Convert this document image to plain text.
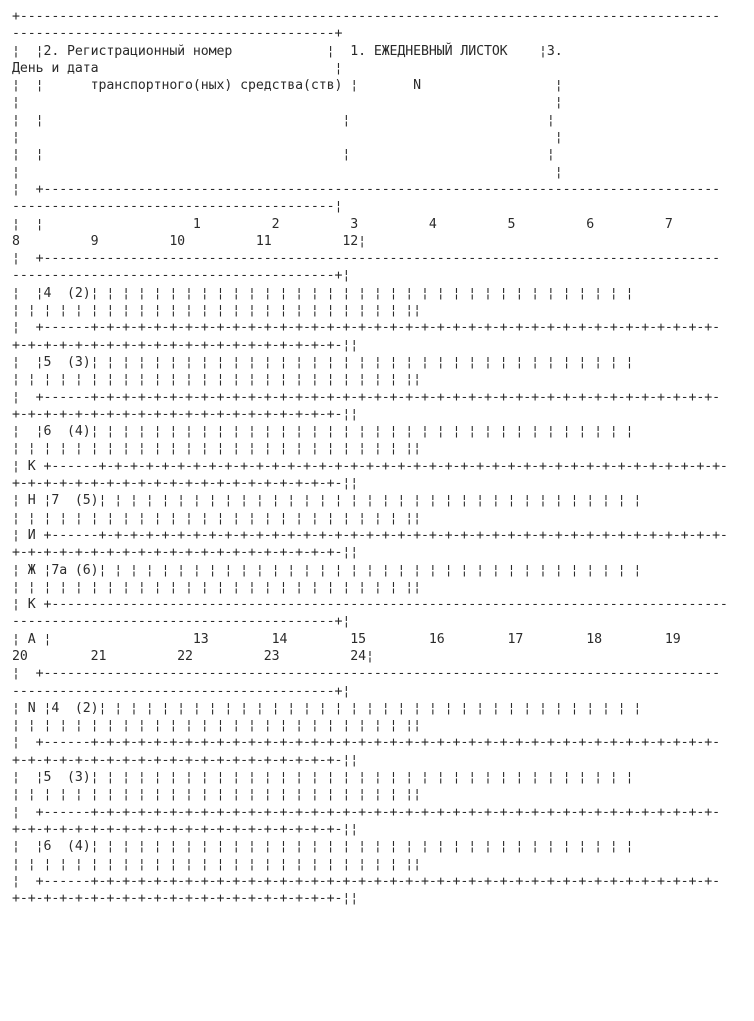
+-----------------------------------------------------------------------------------------
-----------------------------------------+
¦  ¦2. Регистрационный номер            ¦  1. ЕЖЕДНЕВНЫЙ ЛИСТОК    ¦3.
День и дата                              ¦
¦  ¦      транспортного(ных) средства(ств) ¦       N                 ¦
¦                                                                    ¦
¦  ¦                                      ¦                         ¦
¦                                                                    ¦
¦  ¦                                      ¦                         ¦
¦                                                                    ¦
¦  +--------------------------------------------------------------------------------------
-----------------------------------------¦
¦  ¦                   1         2         3         4         5         6         7
8         9         10         11         12¦
¦  +--------------------------------------------------------------------------------------
-----------------------------------------+¦
¦  ¦4  (2)¦ ¦ ¦ ¦ ¦ ¦ ¦ ¦ ¦ ¦ ¦ ¦ ¦ ¦ ¦ ¦ ¦ ¦ ¦ ¦ ¦ ¦ ¦ ¦ ¦ ¦ ¦ ¦ ¦ ¦ ¦ ¦ ¦ ¦ ¦
¦ ¦ ¦ ¦ ¦ ¦ ¦ ¦ ¦ ¦ ¦ ¦ ¦ ¦ ¦ ¦ ¦ ¦ ¦ ¦ ¦ ¦ ¦ ¦ ¦ ¦¦
¦  +------+-+-+-+-+-+-+-+-+-+-+-+-+-+-+-+-+-+-+-+-+-+-+-+-+-+-+-+-+-+-+-+-+-+-+-+-+-+-+-+-
+-+-+-+-+-+-+-+-+-+-+-+-+-+-+-+-+-+-+-+-+-¦¦
¦  ¦5  (3)¦ ¦ ¦ ¦ ¦ ¦ ¦ ¦ ¦ ¦ ¦ ¦ ¦ ¦ ¦ ¦ ¦ ¦ ¦ ¦ ¦ ¦ ¦ ¦ ¦ ¦ ¦ ¦ ¦ ¦ ¦ ¦ ¦ ¦ ¦
¦ ¦ ¦ ¦ ¦ ¦ ¦ ¦ ¦ ¦ ¦ ¦ ¦ ¦ ¦ ¦ ¦ ¦ ¦ ¦ ¦ ¦ ¦ ¦ ¦ ¦¦
¦  +------+-+-+-+-+-+-+-+-+-+-+-+-+-+-+-+-+-+-+-+-+-+-+-+-+-+-+-+-+-+-+-+-+-+-+-+-+-+-+-+-
+-+-+-+-+-+-+-+-+-+-+-+-+-+-+-+-+-+-+-+-+-¦¦
¦  ¦6  (4)¦ ¦ ¦ ¦ ¦ ¦ ¦ ¦ ¦ ¦ ¦ ¦ ¦ ¦ ¦ ¦ ¦ ¦ ¦ ¦ ¦ ¦ ¦ ¦ ¦ ¦ ¦ ¦ ¦ ¦ ¦ ¦ ¦ ¦ ¦
¦ ¦ ¦ ¦ ¦ ¦ ¦ ¦ ¦ ¦ ¦ ¦ ¦ ¦ ¦ ¦ ¦ ¦ ¦ ¦ ¦ ¦ ¦ ¦ ¦ ¦¦
¦ К +------+-+-+-+-+-+-+-+-+-+-+-+-+-+-+-+-+-+-+-+-+-+-+-+-+-+-+-+-+-+-+-+-+-+-+-+-+-+-+-+-
+-+-+-+-+-+-+-+-+-+-+-+-+-+-+-+-+-+-+-+-+-¦¦
¦ Н ¦7  (5)¦ ¦ ¦ ¦ ¦ ¦ ¦ ¦ ¦ ¦ ¦ ¦ ¦ ¦ ¦ ¦ ¦ ¦ ¦ ¦ ¦ ¦ ¦ ¦ ¦ ¦ ¦ ¦ ¦ ¦ ¦ ¦ ¦ ¦ ¦
¦ ¦ ¦ ¦ ¦ ¦ ¦ ¦ ¦ ¦ ¦ ¦ ¦ ¦ ¦ ¦ ¦ ¦ ¦ ¦ ¦ ¦ ¦ ¦ ¦ ¦¦
¦ И +------+-+-+-+-+-+-+-+-+-+-+-+-+-+-+-+-+-+-+-+-+-+-+-+-+-+-+-+-+-+-+-+-+-+-+-+-+-+-+-+-
+-+-+-+-+-+-+-+-+-+-+-+-+-+-+-+-+-+-+-+-+-¦¦
¦ Ж ¦7а (6)¦ ¦ ¦ ¦ ¦ ¦ ¦ ¦ ¦ ¦ ¦ ¦ ¦ ¦ ¦ ¦ ¦ ¦ ¦ ¦ ¦ ¦ ¦ ¦ ¦ ¦ ¦ ¦ ¦ ¦ ¦ ¦ ¦ ¦ ¦
¦ ¦ ¦ ¦ ¦ ¦ ¦ ¦ ¦ ¦ ¦ ¦ ¦ ¦ ¦ ¦ ¦ ¦ ¦ ¦ ¦ ¦ ¦ ¦ ¦ ¦¦
¦ К +--------------------------------------------------------------------------------------
-----------------------------------------+¦
¦ А ¦                  13        14        15        16        17        18        19
20        21         22         23         24¦
¦  +--------------------------------------------------------------------------------------
-----------------------------------------+¦
¦ N ¦4  (2)¦ ¦ ¦ ¦ ¦ ¦ ¦ ¦ ¦ ¦ ¦ ¦ ¦ ¦ ¦ ¦ ¦ ¦ ¦ ¦ ¦ ¦ ¦ ¦ ¦ ¦ ¦ ¦ ¦ ¦ ¦ ¦ ¦ ¦ ¦
¦ ¦ ¦ ¦ ¦ ¦ ¦ ¦ ¦ ¦ ¦ ¦ ¦ ¦ ¦ ¦ ¦ ¦ ¦ ¦ ¦ ¦ ¦ ¦ ¦ ¦¦
¦  +------+-+-+-+-+-+-+-+-+-+-+-+-+-+-+-+-+-+-+-+-+-+-+-+-+-+-+-+-+-+-+-+-+-+-+-+-+-+-+-+-
+-+-+-+-+-+-+-+-+-+-+-+-+-+-+-+-+-+-+-+-+-¦¦
¦  ¦5  (3)¦ ¦ ¦ ¦ ¦ ¦ ¦ ¦ ¦ ¦ ¦ ¦ ¦ ¦ ¦ ¦ ¦ ¦ ¦ ¦ ¦ ¦ ¦ ¦ ¦ ¦ ¦ ¦ ¦ ¦ ¦ ¦ ¦ ¦ ¦
¦ ¦ ¦ ¦ ¦ ¦ ¦ ¦ ¦ ¦ ¦ ¦ ¦ ¦ ¦ ¦ ¦ ¦ ¦ ¦ ¦ ¦ ¦ ¦ ¦ ¦¦
¦  +------+-+-+-+-+-+-+-+-+-+-+-+-+-+-+-+-+-+-+-+-+-+-+-+-+-+-+-+-+-+-+-+-+-+-+-+-+-+-+-+-
+-+-+-+-+-+-+-+-+-+-+-+-+-+-+-+-+-+-+-+-+-¦¦
¦  ¦6  (4)¦ ¦ ¦ ¦ ¦ ¦ ¦ ¦ ¦ ¦ ¦ ¦ ¦ ¦ ¦ ¦ ¦ ¦ ¦ ¦ ¦ ¦ ¦ ¦ ¦ ¦ ¦ ¦ ¦ ¦ ¦ ¦ ¦ ¦ ¦
¦ ¦ ¦ ¦ ¦ ¦ ¦ ¦ ¦ ¦ ¦ ¦ ¦ ¦ ¦ ¦ ¦ ¦ ¦ ¦ ¦ ¦ ¦ ¦ ¦ ¦¦
¦  +------+-+-+-+-+-+-+-+-+-+-+-+-+-+-+-+-+-+-+-+-+-+-+-+-+-+-+-+-+-+-+-+-+-+-+-+-+-+-+-+-
+-+-+-+-+-+-+-+-+-+-+-+-+-+-+-+-+-+-+-+-+-¦¦
